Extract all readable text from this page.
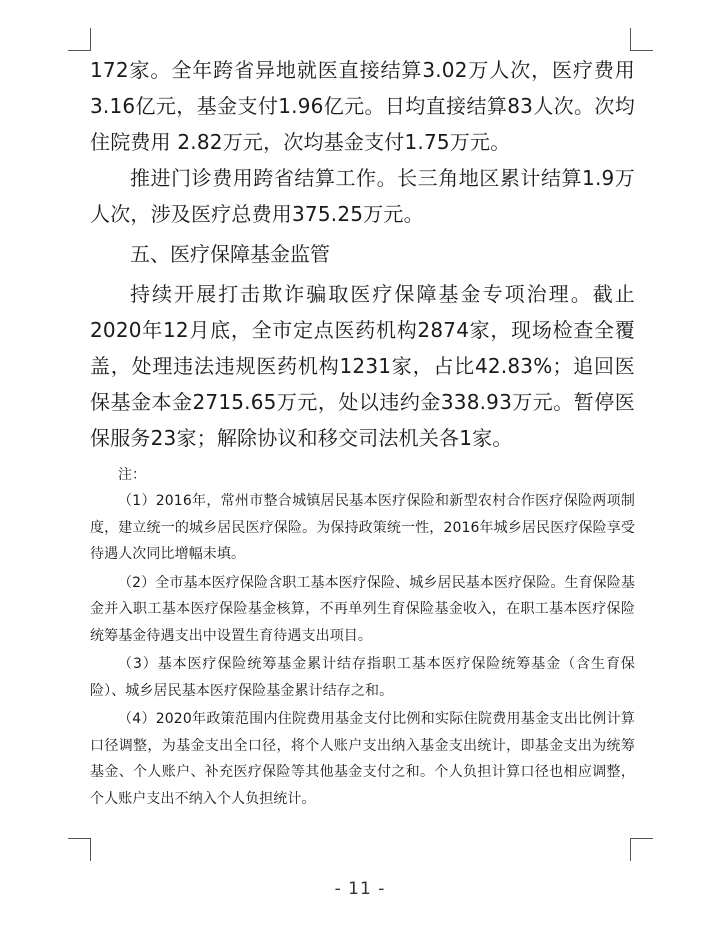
172家。全年跨省异地就医直接结算3.02万人次，医疗费用3.16亿元，基金支付1.96亿元。日均直接结算83人次。次均住院费用 2.82万元，次均基金支付1.75万元。

推进门诊费用跨省结算工作。长三角地区累计结算1.9万人次，涉及医疗总费用375.25万元。

五、医疗保障基金监管

持续开展打击欺诈骗取医疗保障基金专项治理。截止2020年12月底，全市定点医药机构2874家，现场检查全覆盖，处理违法违规医药机构1231家，占比42.83%；追回医保基金本金2715.65万元，处以违约金338.93万元。暂停医保服务23家；解除协议和移交司法机关各1家。

注：

（1）2016年，常州市整合城镇居民基本医疗保险和新型农村合作医疗保险两项制度，建立统一的城乡居民医疗保险。为保持政策统一性，2016年城乡居民医疗保险享受待遇人次同比增幅未填。

（2）全市基本医疗保险含职工基本医疗保险、城乡居民基本医疗保险。生育保险基金并入职工基本医疗保险基金核算，不再单列生育保险基金收入，在职工基本医疗保险统筹基金待遇支出中设置生育待遇支出项目。

（3）基本医疗保险统筹基金累计结存指职工基本医疗保险统筹基金（含生育保险）、城乡居民基本医疗保险基金累计结存之和。

（4）2020年政策范围内住院费用基金支付比例和实际住院费用基金支出比例计算口径调整，为基金支出全口径，将个人账户支出纳入基金支出统计，即基金支出为统筹基金、个人账户、补充医疗保险等其他基金支付之和。个人负担计算口径也相应调整，个人账户支出不纳入个人负担统计。

- 11 -
